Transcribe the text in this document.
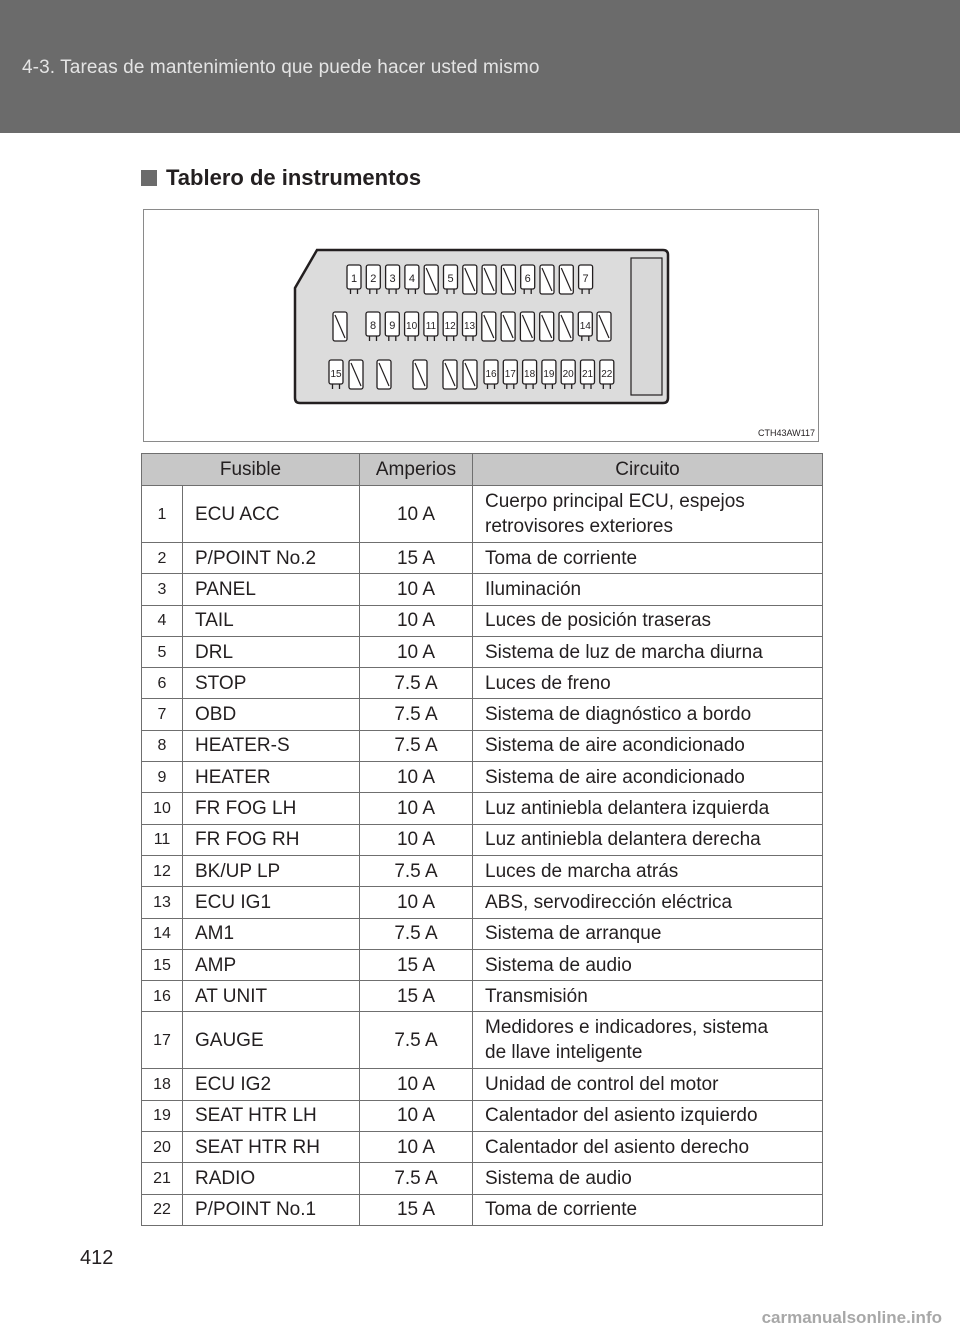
4-3. Tareas de mantenimiento que puede hacer usted mismo
Tablero de instrumentos
1 2 3 4	5	6	7
8 9 10 11 12 13	14
15	16 17 18 19 20 21 22
CTH43AW117
Fusible		Amperios	Circuito
1	ECU ACC	10 A	Cuerpo principal ECU, espejos
retrovisores exteriores

2	P/POINT No.2	15 A	Toma de corriente

3	PANEL	10 A	Iluminación

4	TAIL	10 A	Luces de posición traseras

5	DRL	10 A	Sistema de luz de marcha diurna

6	STOP	7.5 A	Luces de freno

7	OBD	7.5 A	Sistema de diagnóstico a bordo

8	HEATER-S	7.5 A	Sistema de aire acondicionado

9	HEATER	10 A	Sistema de aire acondicionado

10	FR FOG LH	10 A	Luz antiniebla delantera izquierda

11	FR FOG RH	10 A	Luz antiniebla delantera derecha

12	BK/UP LP	7.5 A	Luces de marcha atrás

13	ECU IG1	10 A	ABS, servodirección eléctrica

14	AM1	7.5 A	Sistema de arranque

15	AMP	15 A	Sistema de audio

16	AT UNIT	15 A	Transmisión

17	GAUGE	7.5 A	Medidores e indicadores, sistema
de llave inteligente

18	ECU IG2	10 A	Unidad de control del motor

19	SEAT HTR LH	10 A	Calentador del asiento izquierdo

20	SEAT HTR RH	10 A	Calentador del asiento derecho

21	RADIO	7.5 A	Sistema de audio

22	P/POINT No.1	15 A	Toma de corriente
412
carmanualsonline.info
